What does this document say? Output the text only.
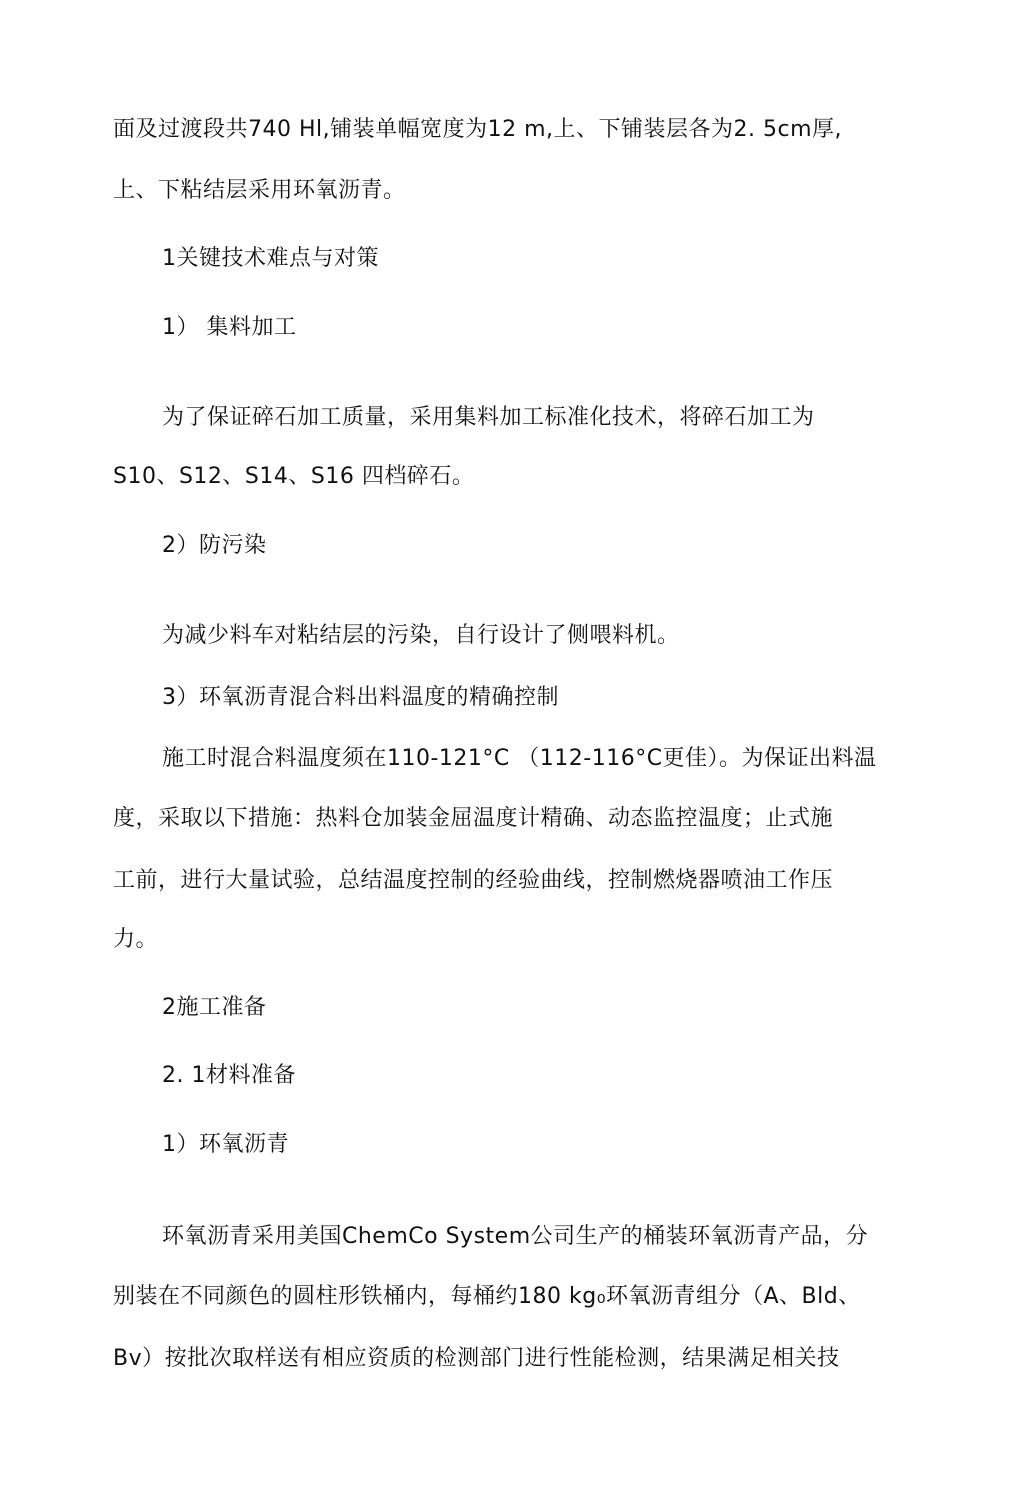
面及过渡段共740 Hl,铺装单幅宽度为12 m,上、下铺装层各为2. 5cm厚,
上、下粘结层采用环氧沥青。
1关键技术难点与对策
1） 集料加工
为了保证碎石加工质量，采用集料加工标准化技术，将碎石加工为
S10、S12、S14、S16 四档碎石。
2）防污染
为减少料车对粘结层的污染，自行设计了侧喂料机。
3）环氧沥青混合料出料温度的精确控制
施工时混合料温度须在110-121°C （112-116°C更佳）。为保证出料温
度，采取以下措施：热料仓加装金屈温度计精确、动态监控温度；止式施
工前，进行大量试验，总结温度控制的经验曲线，控制燃烧器喷油工作压
力。
2施工准备
2. 1材料准备
1）环氧沥青
环氧沥青采用美国ChemCo System公司生产的桶装环氧沥青产品，分
别装在不同颜色的圆柱形铁桶内，每桶约180 kg₀环氧沥青组分（A、Bld、
Bv）按批次取样送有相应资质的检测部门进行性能检测，结果满足相关技
